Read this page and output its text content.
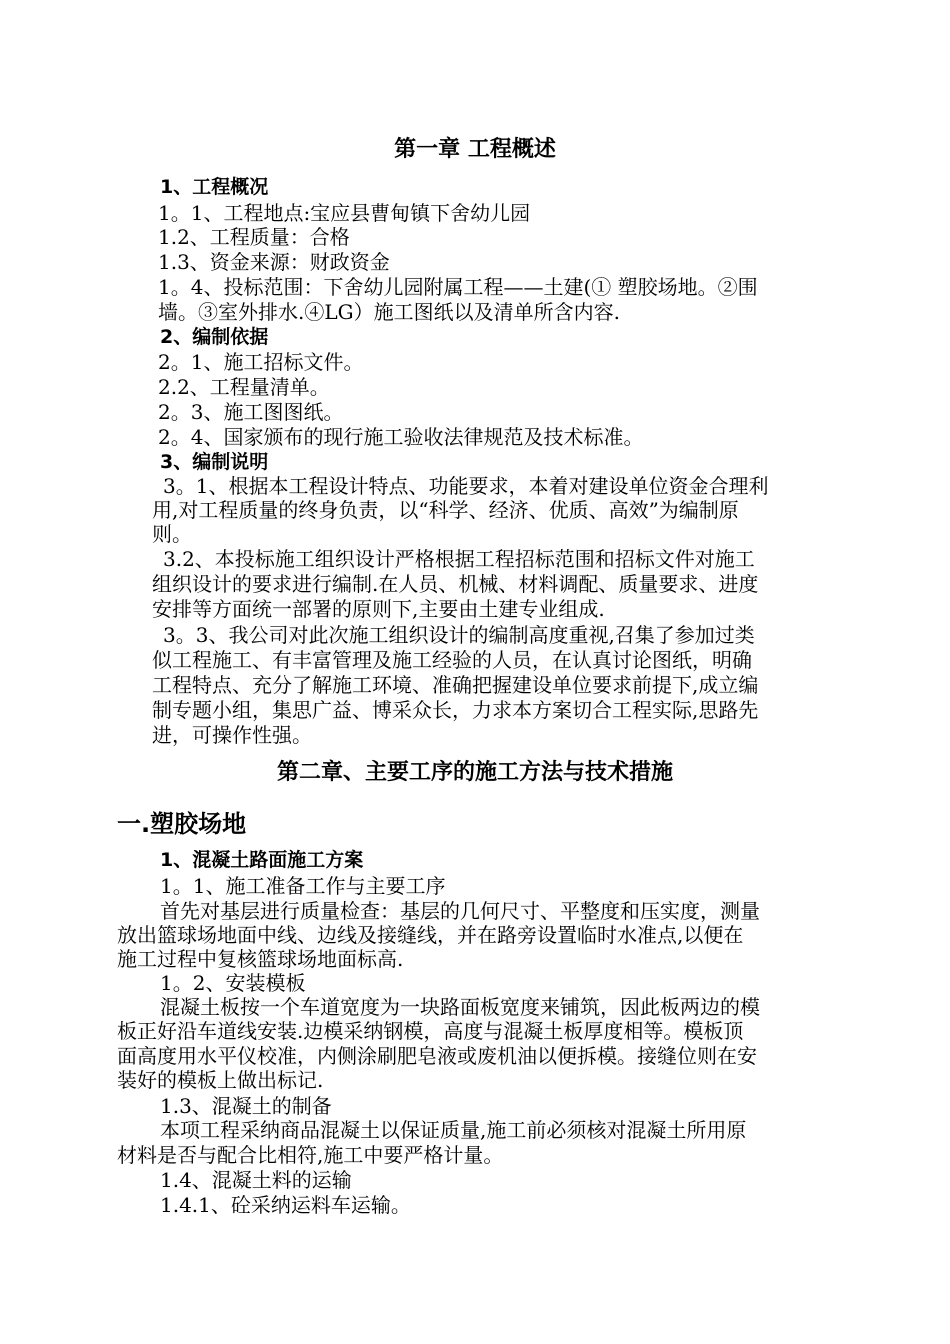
第一章 工程概述
1、工程概况
1。1、工程地点:宝应县曹甸镇下舍幼儿园
1.2、工程质量：合格
1.3、资金来源：财政资金
1。4、投标范围：下舍幼儿园附属工程——土建(① 塑胶场地。②围
墙。③室外排水.④LG）施工图纸以及清单所含内容.
2、编制依据
2。1、施工招标文件。
2.2、工程量清单。
2。3、施工图图纸。
2。4、国家颁布的现行施工验收法律规范及技术标准。
3、编制说明
3。1、根据本工程设计特点、功能要求，本着对建设单位资金合理利
用,对工程质量的终身负责，以“科学、经济、优质、高效”为编制原
则。
3.2、本投标施工组织设计严格根据工程招标范围和招标文件对施工
组织设计的要求进行编制.在人员、机械、材料调配、质量要求、进度
安排等方面统一部署的原则下,主要由土建专业组成.
3。3、我公司对此次施工组织设计的编制高度重视,召集了参加过类
似工程施工、有丰富管理及施工经验的人员，在认真讨论图纸，明确
工程特点、充分了解施工环境、准确把握建设单位要求前提下,成立编
制专题小组，集思广益、博采众长，力求本方案切合工程实际,思路先
进，可操作性强。
第二章、主要工序的施工方法与技术措施
一.塑胶场地
1、混凝土路面施工方案
1。1、施工准备工作与主要工序
首先对基层进行质量检查：基层的几何尺寸、平整度和压实度，测量
放出篮球场地面中线、边线及接缝线，并在路旁设置临时水准点,以便在
施工过程中复核篮球场地面标高.
1。2、安装模板
混凝土板按一个车道宽度为一块路面板宽度来铺筑，因此板两边的模
板正好沿车道线安装.边模采纳钢模，高度与混凝土板厚度相等。模板顶
面高度用水平仪校准，内侧涂刷肥皂液或废机油以便拆模。接缝位则在安
装好的模板上做出标记.
1.3、混凝土的制备
本项工程采纳商品混凝土以保证质量,施工前必须核对混凝土所用原
材料是否与配合比相符,施工中要严格计量。
1.4、混凝土料的运输
1.4.1、砼采纳运料车运输。
